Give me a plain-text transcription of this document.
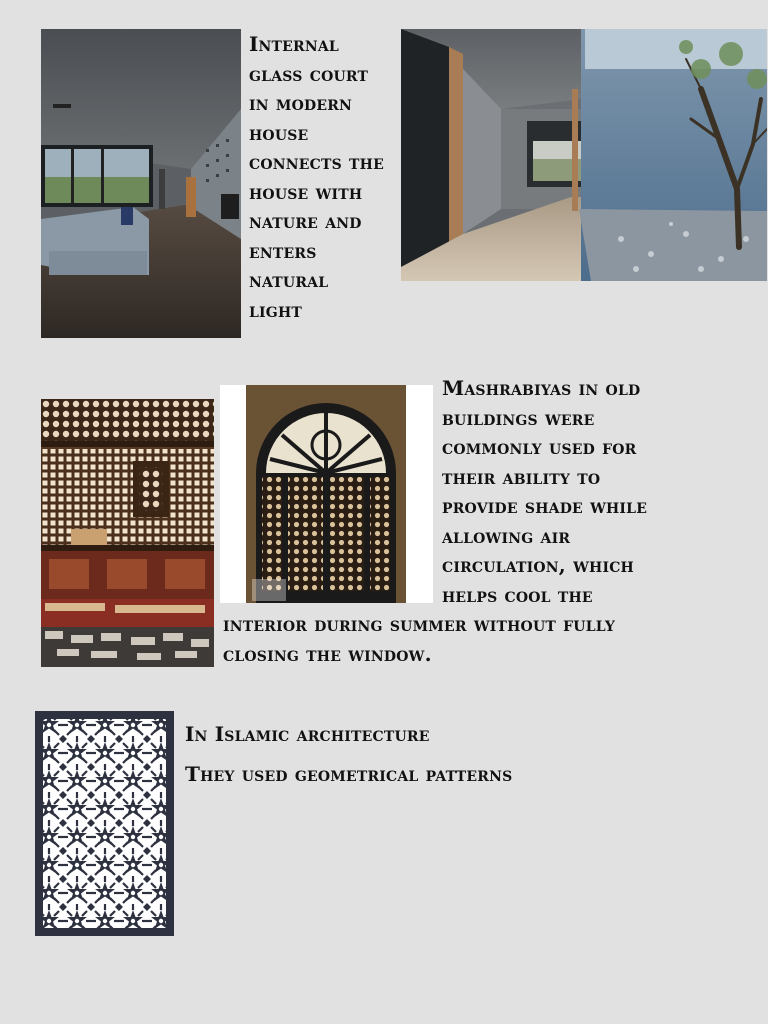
Internal
glass court
in modern
house
connects the
house with
nature and
enters
natural
light

Mashrabiyas in old
buildings were
commonly used for
their ability to
provide shade while
allowing air
circulation, which
helps cool the

interior during summer without fully
closing the window.

In Islamic architecture
They used geometrical patterns
